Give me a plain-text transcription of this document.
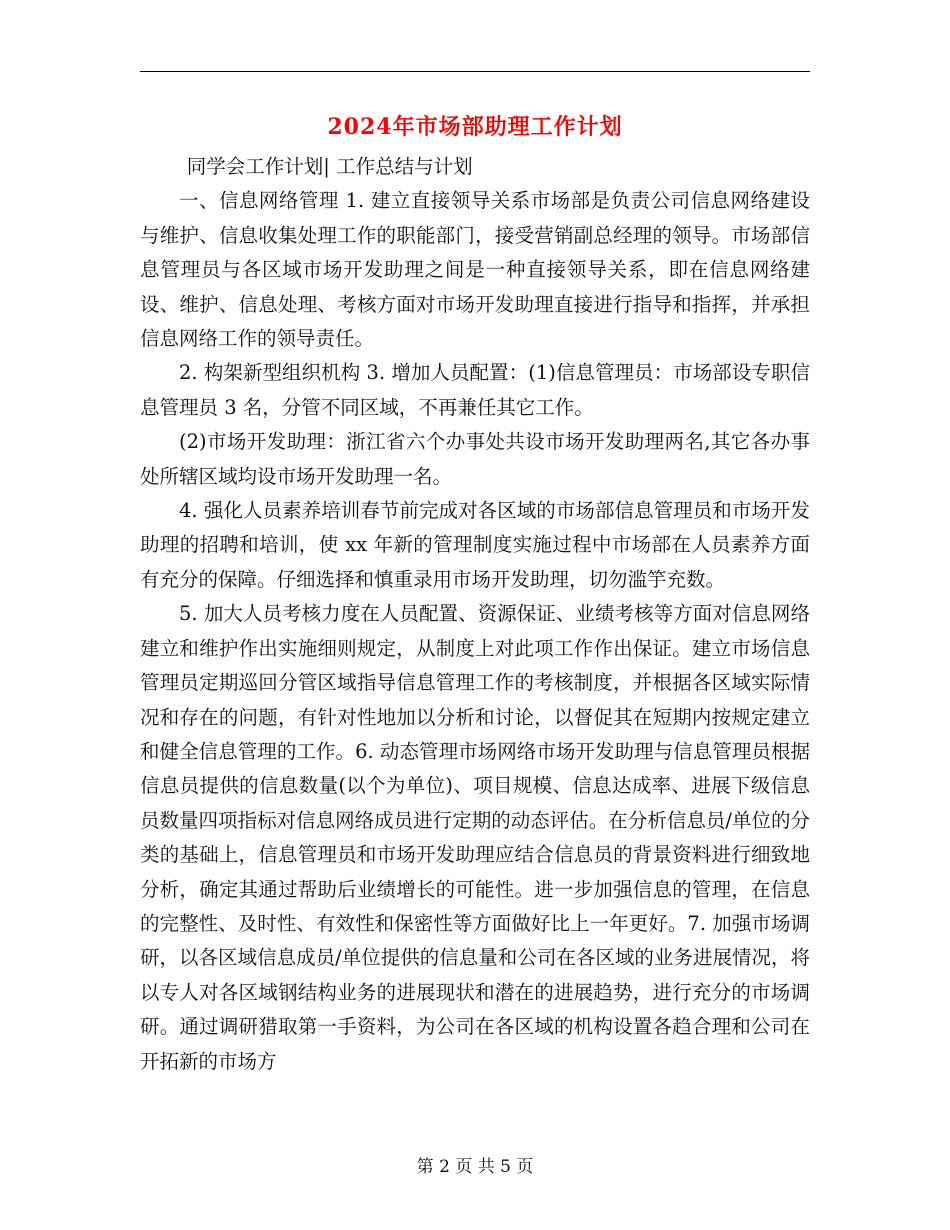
2024年市场部助理工作计划

同学会工作计划| 工作总结与计划

一、信息网络管理 1. 建立直接领导关系市场部是负责公司信息网络建设与维护、信息收集处理工作的职能部门，接受营销副总经理的领导。市场部信息管理员与各区域市场开发助理之间是一种直接领导关系，即在信息网络建设、维护、信息处理、考核方面对市场开发助理直接进行指导和指挥，并承担信息网络工作的领导责任。

2. 构架新型组织机构 3. 增加人员配置：(1)信息管理员：市场部设专职信息管理员 3 名，分管不同区域，不再兼任其它工作。

(2)市场开发助理：浙江省六个办事处共设市场开发助理两名,其它各办事处所辖区域均设市场开发助理一名。

4. 强化人员素养培训春节前完成对各区域的市场部信息管理员和市场开发助理的招聘和培训，使 xx 年新的管理制度实施过程中市场部在人员素养方面有充分的保障。仔细选择和慎重录用市场开发助理，切勿滥竽充数。

5. 加大人员考核力度在人员配置、资源保证、业绩考核等方面对信息网络建立和维护作出实施细则规定，从制度上对此项工作作出保证。建立市场信息管理员定期巡回分管区域指导信息管理工作的考核制度，并根据各区域实际情况和存在的问题，有针对性地加以分析和讨论，以督促其在短期内按规定建立和健全信息管理的工作。6. 动态管理市场网络市场开发助理与信息管理员根据信息员提供的信息数量(以个为单位)、项目规模、信息达成率、进展下级信息员数量四项指标对信息网络成员进行定期的动态评估。在分析信息员/单位的分类的基础上，信息管理员和市场开发助理应结合信息员的背景资料进行细致地分析，确定其通过帮助后业绩增长的可能性。进一步加强信息的管理，在信息的完整性、及时性、有效性和保密性等方面做好比上一年更好。7. 加强市场调研，以各区域信息成员/单位提供的信息量和公司在各区域的业务进展情况，将以专人对各区域钢结构业务的进展现状和潜在的进展趋势，进行充分的市场调研。通过调研猎取第一手资料，为公司在各区域的机构设置各趋合理和公司在开拓新的市场方

第 2 页 共 5 页
